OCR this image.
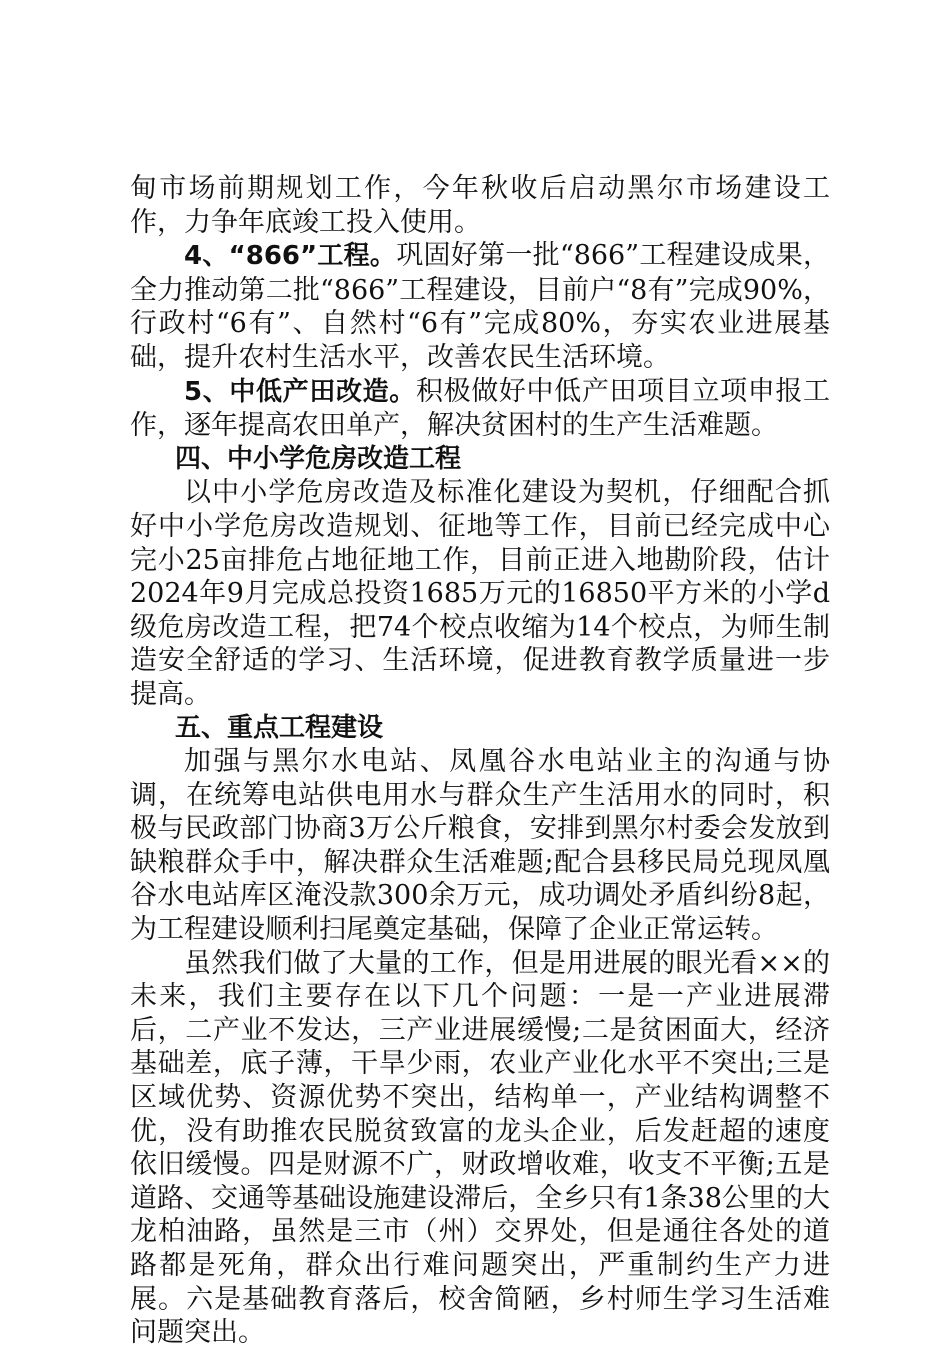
甸市场前期规划工作，今年秋收后启动黑尔市场建设工作，力争年底竣工投入使用。

4、“866”工程。巩固好第一批“866”工程建设成果，全力推动第二批“866”工程建设，目前户“8有”完成90%，行政村“6有”、自然村“6有”完成80%，夯实农业进展基础，提升农村生活水平，改善农民生活环境。

5、中低产田改造。积极做好中低产田项目立项申报工作，逐年提高农田单产，解决贫困村的生产生活难题。

四、中小学危房改造工程

以中小学危房改造及标准化建设为契机，仔细配合抓好中小学危房改造规划、征地等工作，目前已经完成中心完小25亩排危占地征地工作，目前正进入地勘阶段，估计2024年9月完成总投资1685万元的16850平方米的小学d级危房改造工程，把74个校点收缩为14个校点，为师生制造安全舒适的学习、生活环境，促进教育教学质量进一步提高。

五、重点工程建设

加强与黑尔水电站、凤凰谷水电站业主的沟通与协调，在统筹电站供电用水与群众生产生活用水的同时，积极与民政部门协商3万公斤粮食，安排到黑尔村委会发放到缺粮群众手中，解决群众生活难题;配合县移民局兑现凤凰谷水电站库区淹没款300余万元，成功调处矛盾纠纷8起，为工程建设顺利扫尾奠定基础，保障了企业正常运转。

虽然我们做了大量的工作，但是用进展的眼光看××的未来，我们主要存在以下几个问题：一是一产业进展滞后，二产业不发达，三产业进展缓慢;二是贫困面大，经济基础差，底子薄，干旱少雨，农业产业化水平不突出;三是区域优势、资源优势不突出，结构单一，产业结构调整不优，没有助推农民脱贫致富的龙头企业，后发赶超的速度依旧缓慢。四是财源不广，财政增收难，收支不平衡;五是道路、交通等基础设施建设滞后，全乡只有1条38公里的大龙柏油路，虽然是三市（州）交界处，但是通往各处的道路都是死角，群众出行难问题突出，严重制约生产力进展。六是基础教育落后，校舍简陋，乡村师生学习生活难问题突出。
